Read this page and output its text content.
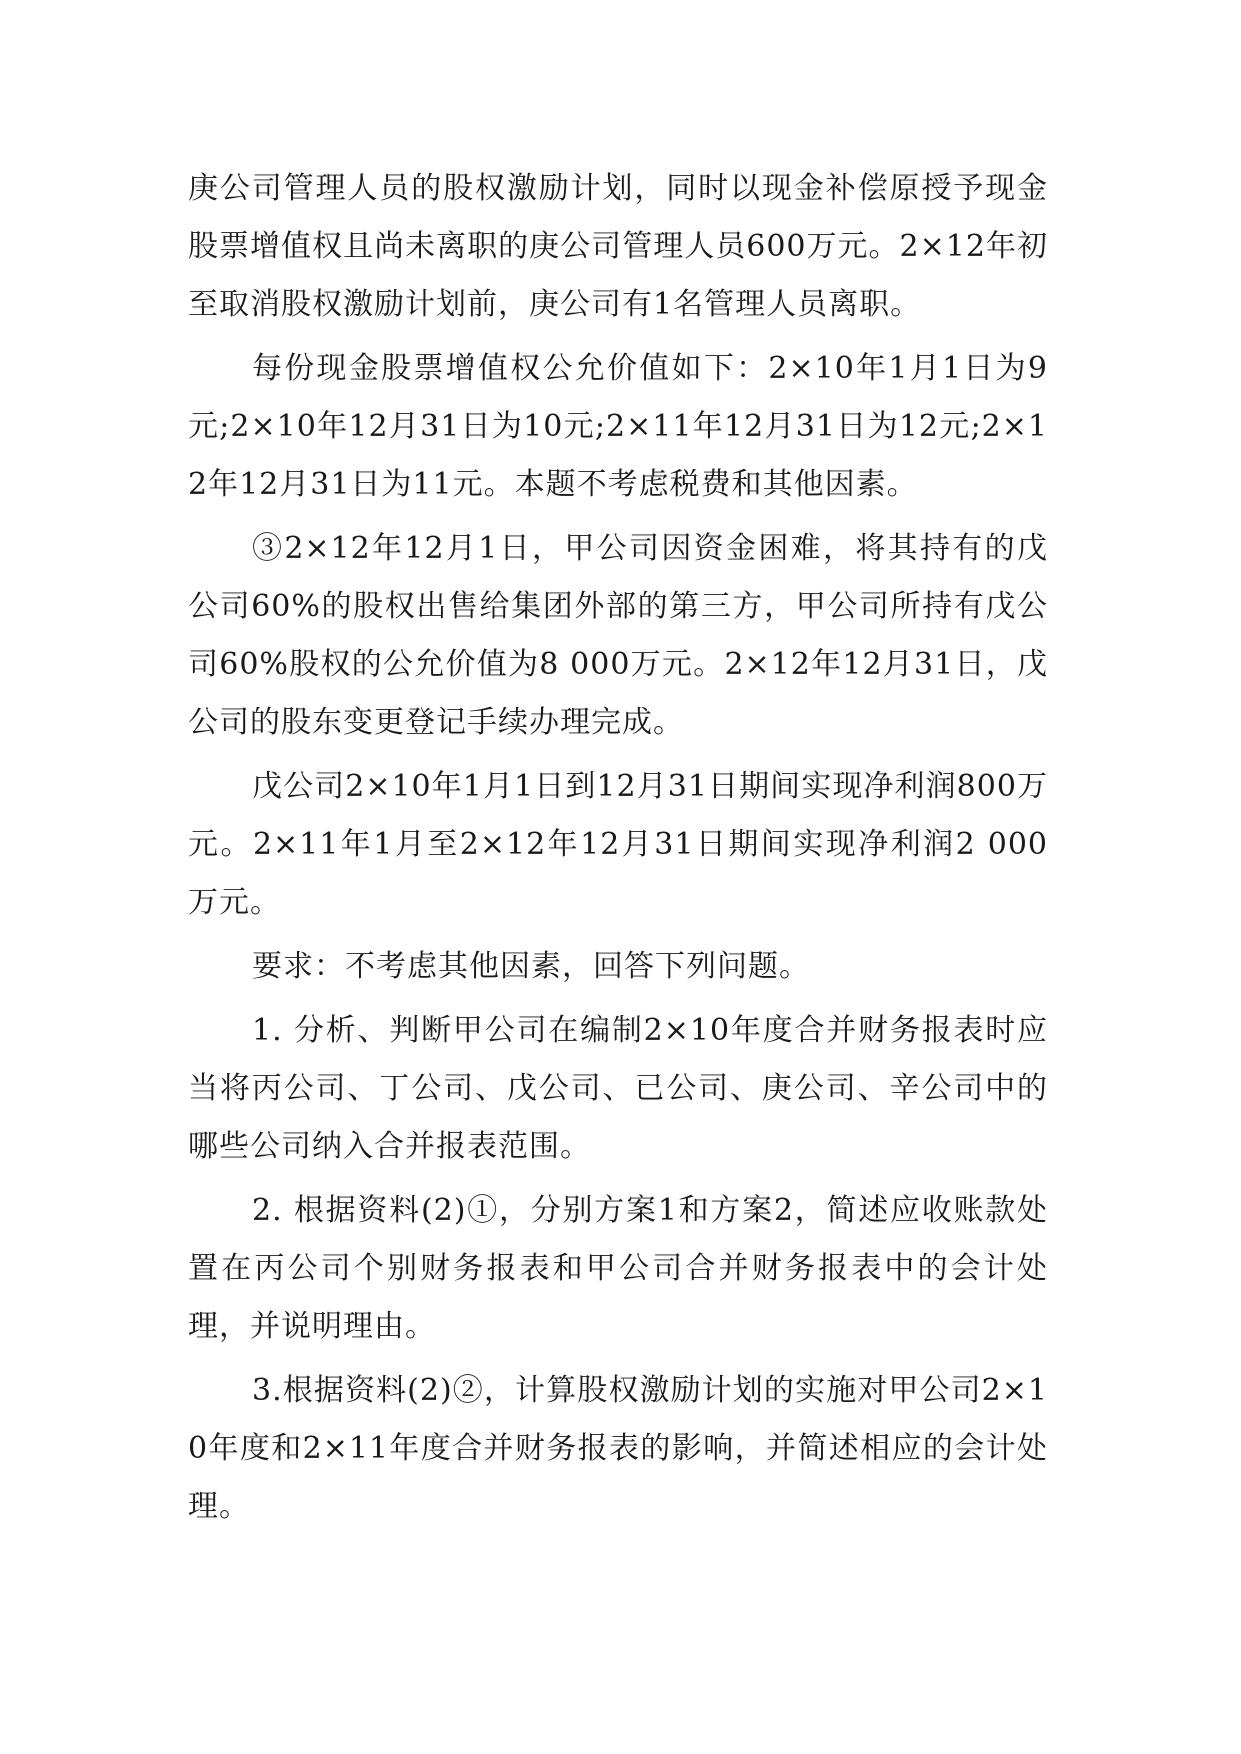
庚公司管理人员的股权激励计划，同时以现金补偿原授予现金股票增值权且尚未离职的庚公司管理人员600万元。2×12年初至取消股权激励计划前，庚公司有1名管理人员离职。

每份现金股票增值权公允价值如下：2×10年1月1日为9元;2×10年12月31日为10元;2×11年12月31日为12元;2×12年12月31日为11元。本题不考虑税费和其他因素。

③2×12年12月1日，甲公司因资金困难，将其持有的戊公司60%的股权出售给集团外部的第三方，甲公司所持有戊公司60%股权的公允价值为8 000万元。2×12年12月31日，戊公司的股东变更登记手续办理完成。

戊公司2×10年1月1日到12月31日期间实现净利润800万元。2×11年1月至2×12年12月31日期间实现净利润2 000万元。

要求：不考虑其他因素，回答下列问题。

1. 分析、判断甲公司在编制2×10年度合并财务报表时应当将丙公司、丁公司、戊公司、已公司、庚公司、辛公司中的哪些公司纳入合并报表范围。

2. 根据资料(2)①，分别方案1和方案2，简述应收账款处置在丙公司个别财务报表和甲公司合并财务报表中的会计处理，并说明理由。

3.根据资料(2)②，计算股权激励计划的实施对甲公司2×10年度和2×11年度合并财务报表的影响，并简述相应的会计处理。
